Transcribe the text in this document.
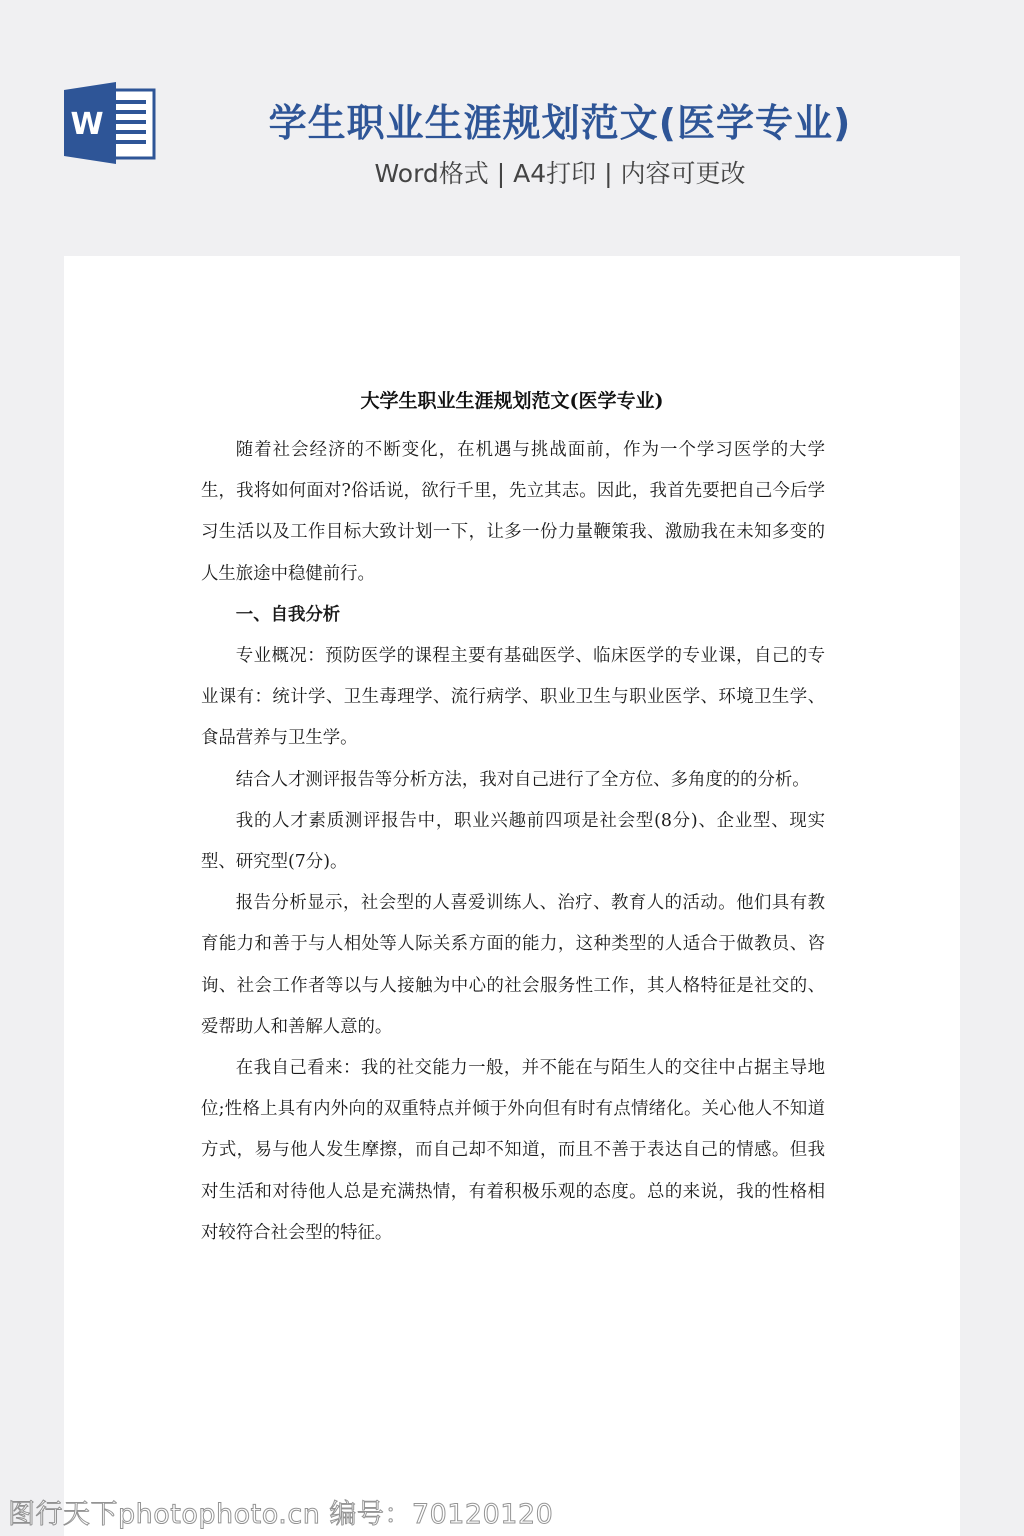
W	学生职业生涯规划范文(医学专业)
Word格式 | A4打印 | 内容可更改
大学生职业生涯规划范文(医学专业)

随着社会经济的不断变化，在机遇与挑战面前，作为一个学习医学的大学生，我将如何面对?俗话说，欲行千里，先立其志。因此，我首先要把自己今后学习生活以及工作目标大致计划一下，让多一份力量鞭策我、激励我在未知多变的人生旅途中稳健前行。

一、自我分析

专业概况：预防医学的课程主要有基础医学、临床医学的专业课，自己的专业课有：统计学、卫生毒理学、流行病学、职业卫生与职业医学、环境卫生学、食品营养与卫生学。

结合人才测评报告等分析方法，我对自己进行了全方位、多角度的的分析。

我的人才素质测评报告中，职业兴趣前四项是社会型(8分)、企业型、现实型、研究型(7分)。

报告分析显示，社会型的人喜爱训练人、治疗、教育人的活动。他们具有教育能力和善于与人相处等人际关系方面的能力，这种类型的人适合于做教员、咨询、社会工作者等以与人接触为中心的社会服务性工作，其人格特征是社交的、爱帮助人和善解人意的。

在我自己看来：我的社交能力一般，并不能在与陌生人的交往中占据主导地位;性格上具有内外向的双重特点并倾于外向但有时有点情绪化。关心他人不知道方式，易与他人发生摩擦，而自己却不知道，而且不善于表达自己的情感。但我对生活和对待他人总是充满热情，有着积极乐观的态度。总的来说，我的性格相对较符合社会型的特征。

图行天下photophoto.cn 编号：70120120
